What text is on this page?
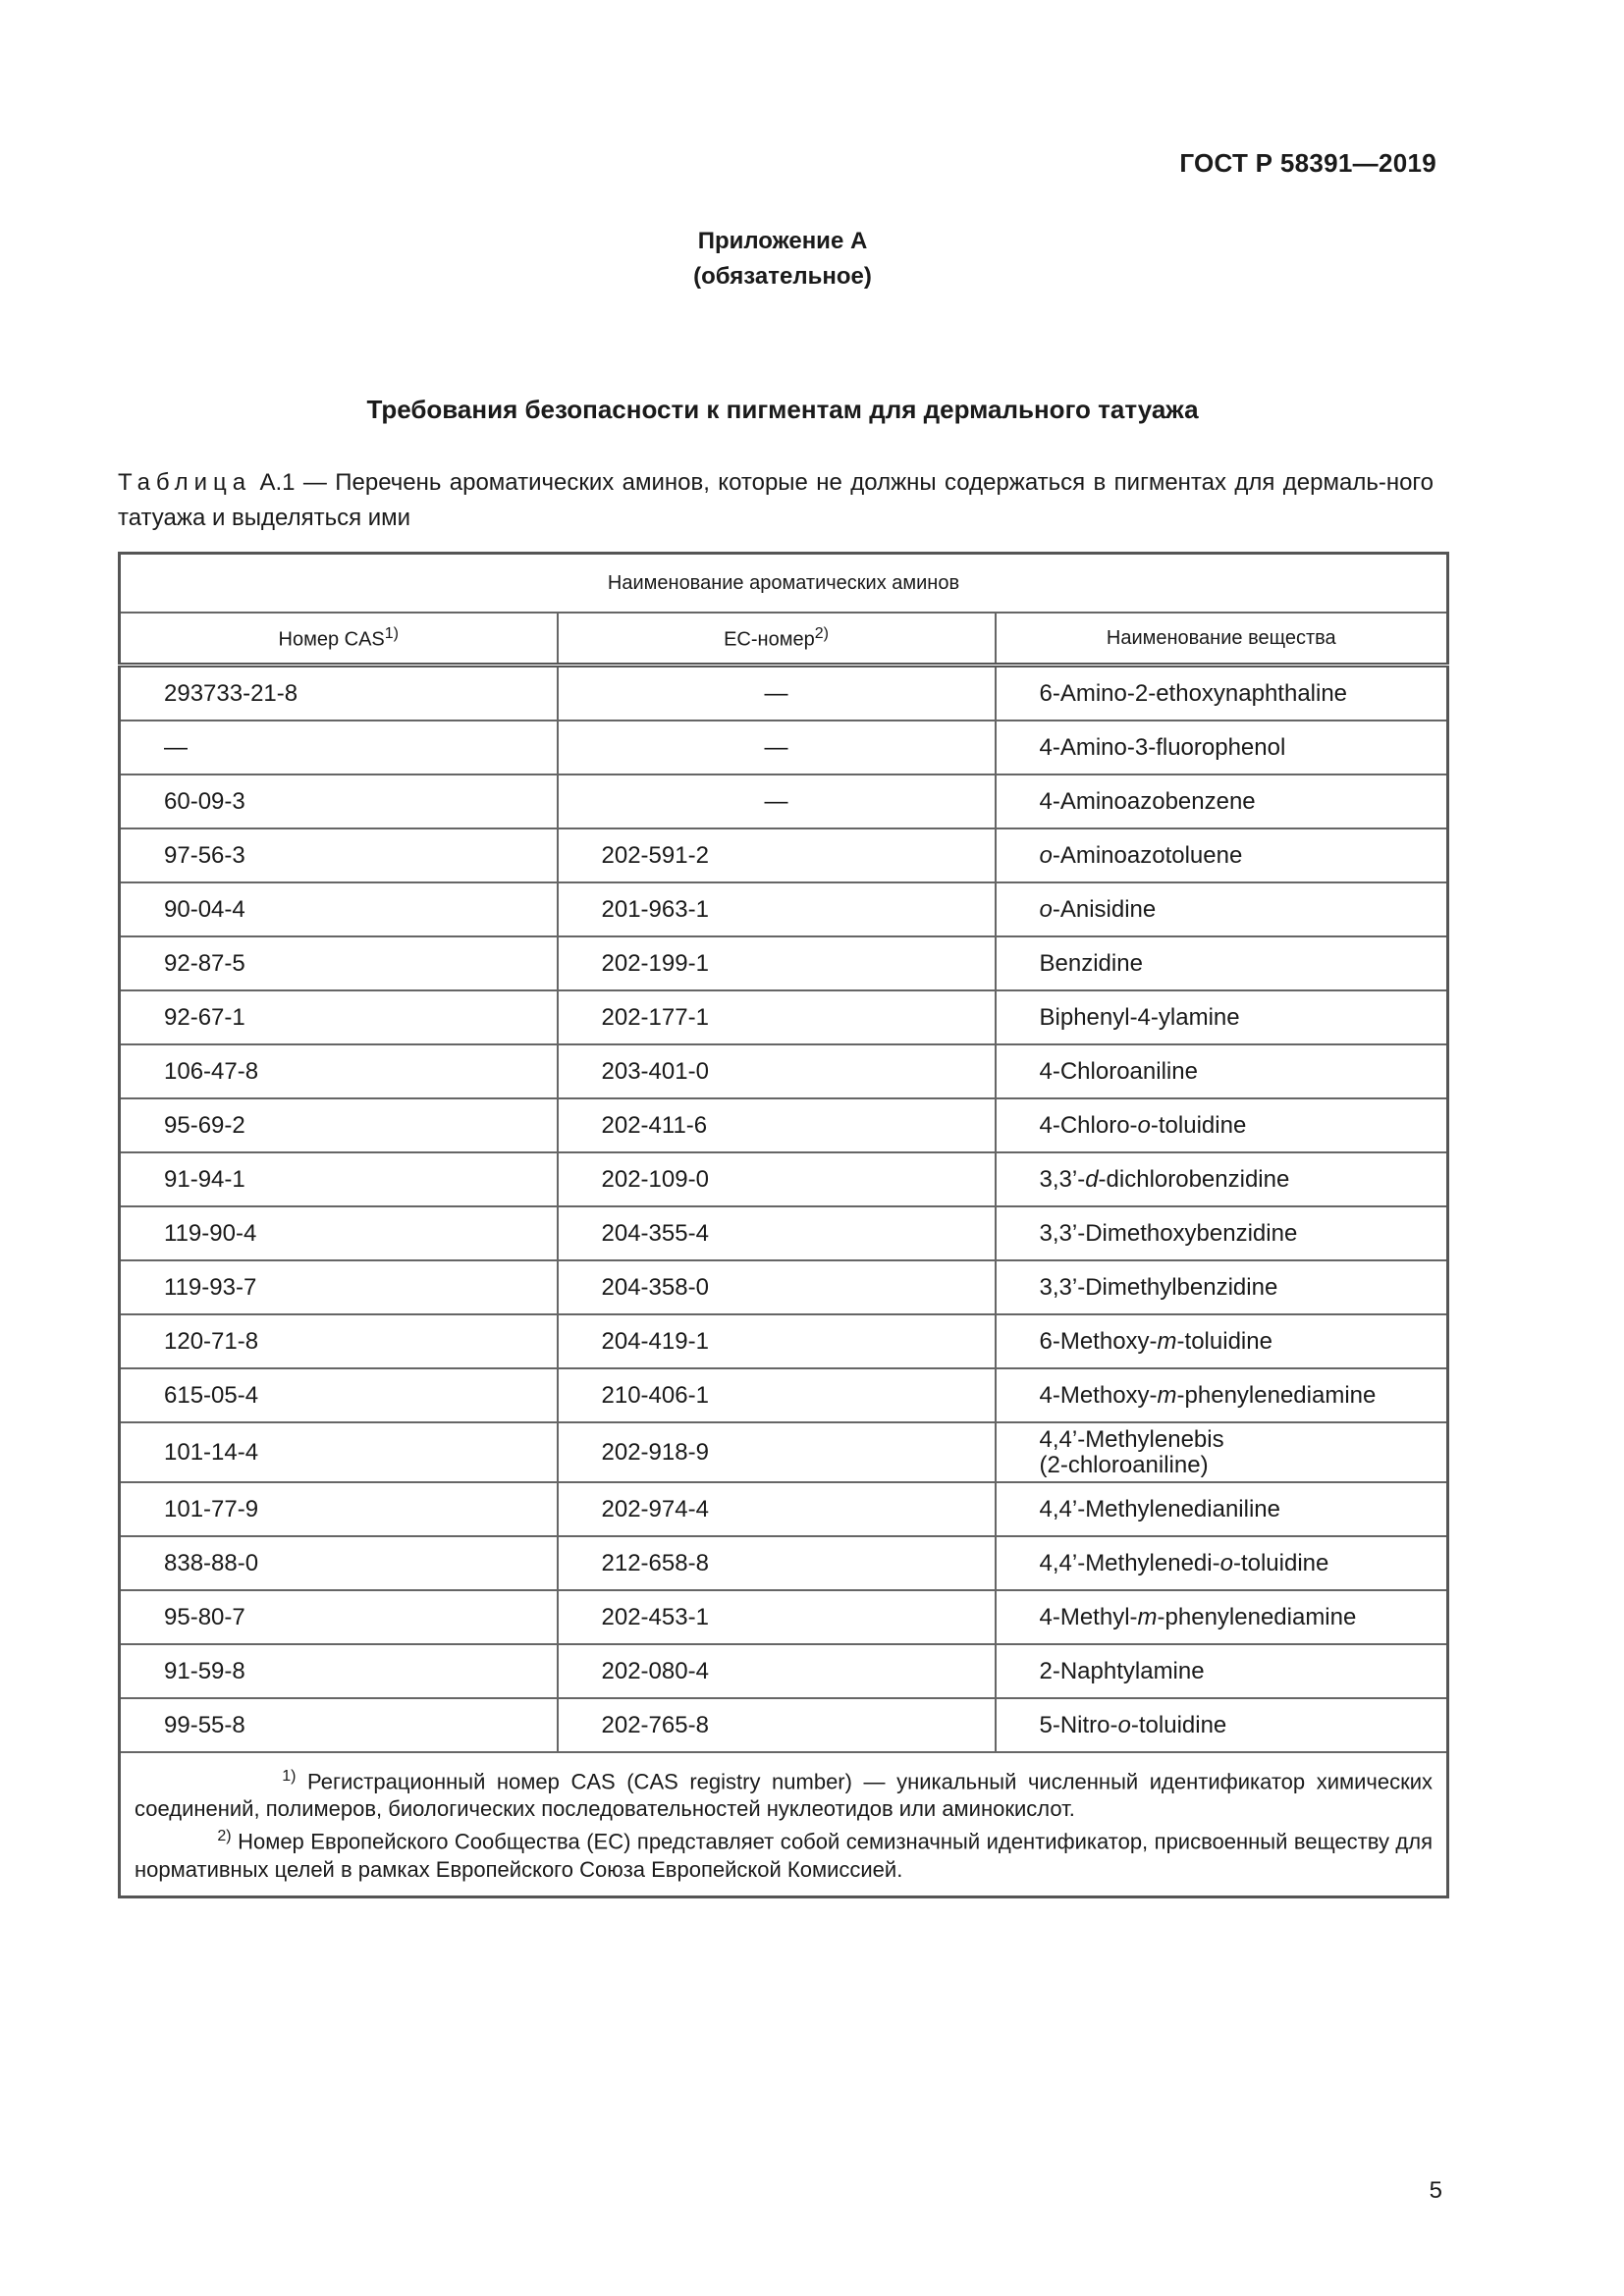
ГОСТ Р 58391—2019
Приложение А
(обязательное)
Требования безопасности к пигментам для дермального татуажа
Таблица А.1 — Перечень ароматических аминов, которые не должны содержаться в пигментах для дермаль-ного татуажа и выделяться ими
Наименование ароматических аминов		
Номер CAS$^{1)}$	ЕС-номер$^{2)}$	Наименование вещества
293733-21-8	—	6-Amino-2-ethoxynaphthaline
—	—	4-Amino-3-fluorophenol
60-09-3	—	4-Aminoazobenzene
97-56-3	202-591-2	o-Aminoazotoluene
90-04-4	201-963-1	o-Anisidine
92-87-5	202-199-1	Benzidine
92-67-1	202-177-1	Biphenyl-4-ylamine
106-47-8	203-401-0	4-Chloroaniline
95-69-2	202-411-6	4-Chloro-o-toluidine
91-94-1	202-109-0	3,3’-d-dichlorobenzidine
119-90-4	204-355-4	3,3’-Dimethoxybenzidine
119-93-7	204-358-0	3,3’-Dimethylbenzidine
120-71-8	204-419-1	6-Methoxy-m-toluidine
615-05-4	210-406-1	4-Methoxy-m-phenylenediamine
101-14-4	202-918-9	4,4’-Methylenebis
(2-chloroaniline)

101-77-9	202-974-4	4,4’-Methylenedianiline
838-88-0	212-658-8	4,4’-Methylenedi-o-toluidine
95-80-7	202-453-1	4-Methyl-m-phenylenediamine
91-59-8	202-080-4	2-Naphtylamine
99-55-8	202-765-8	5-Nitro-o-toluidine

$^{1)}$ Регистрационный номер CAS (CAS registry number) — уникальный численный идентификатор химических соединений, полимеров, биологических последовательностей нуклеотидов или аминокислот.
$^{2)}$ Номер Европейского Сообщества (ЕС) представляет собой семизначный идентификатор, присвоенный веществу для нормативных целей в рамках Европейского Союза Европейской Комиссией.		
5
